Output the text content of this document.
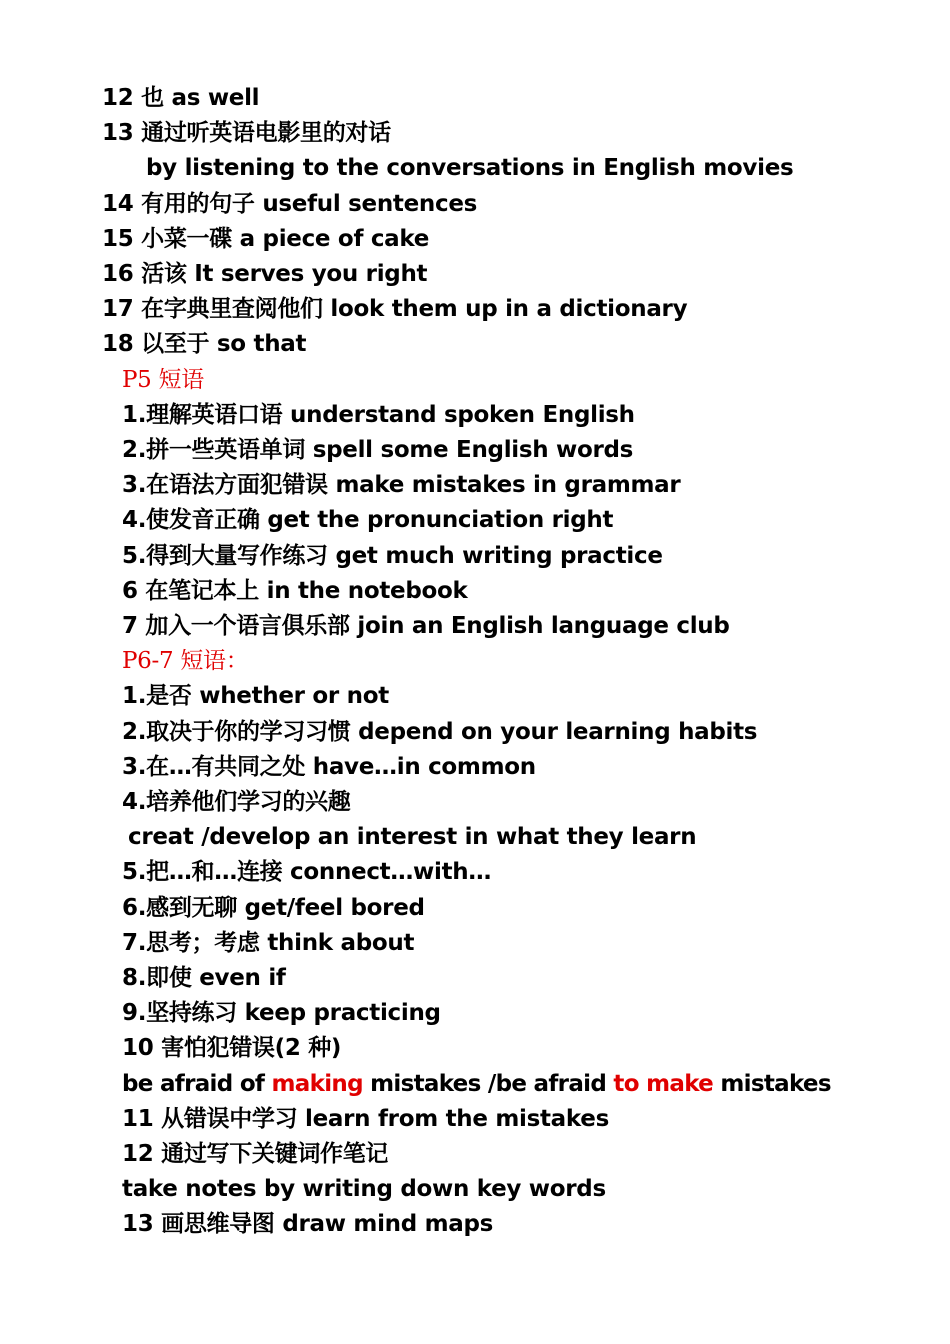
12 也 as well
13 通过听英语电影里的对话
by listening to the conversations in English movies
14 有用的句子 useful sentences
15 小菜一碟 a piece of cake
16 活该 It serves you right
17 在字典里查阅他们 look them up in a dictionary
18 以至于 so that
P5 短语
1.理解英语口语 understand spoken English
2.拼一些英语单词 spell some English words
3.在语法方面犯错误 make mistakes in grammar
4.使发音正确 get the pronunciation right
5.得到大量写作练习 get much writing practice
6 在笔记本上 in the notebook
7 加入一个语言俱乐部 join an English language club
P6-7 短语：
1.是否 whether or not
2.取决于你的学习习惯 depend on your learning habits
3.在…有共同之处 have…in common
4.培养他们学习的兴趣
creat /develop an interest in what they learn
5.把…和…连接 connect…with…
6.感到无聊 get/feel bored
7.思考；考虑 think about
8.即使 even if
9.坚持练习 keep practicing
10 害怕犯错误(2 种)
be afraid of making mistakes /be afraid to make mistakes
11 从错误中学习 learn from the mistakes
12 通过写下关键词作笔记
take notes by writing down key words
13 画思维导图 draw mind maps
